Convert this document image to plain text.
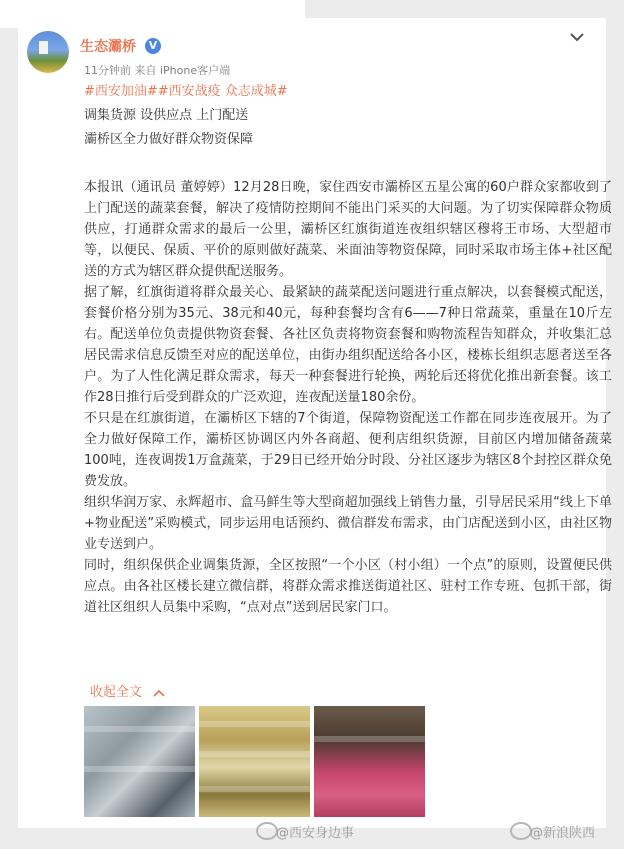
生态灞桥	V
11分钟前 来自 iPhone客户端
#西安加油##西安战疫 众志成城#
调集货源 设供应点 上门配送
灞桥区全力做好群众物资保障

本报讯（通讯员 董婷婷）12月28日晚，家住西安市灞桥区五星公寓的60户群众家都收到了上门配送的蔬菜套餐，解决了疫情防控期间不能出门采买的大问题。为了切实保障群众物质供应，打通群众需求的最后一公里，灞桥区红旗街道连夜组织辖区穆将王市场、大型超市等，以便民、保质、平价的原则做好蔬菜、米面油等物资保障，同时采取市场主体+社区配送的方式为辖区群众提供配送服务。

据了解，红旗街道将群众最关心、最紧缺的蔬菜配送问题进行重点解决，以套餐模式配送，套餐价格分别为35元、38元和40元，每种套餐均含有6——7种日常蔬菜，重量在10斤左右。配送单位负责提供物资套餐、各社区负责将物资套餐和购物流程告知群众，并收集汇总居民需求信息反馈至对应的配送单位，由街办组织配送给各小区，楼栋长组织志愿者送至各户。为了人性化满足群众需求，每天一种套餐进行轮换，两轮后还将优化推出新套餐。该工作28日推行后受到群众的广泛欢迎，连夜配送量180余份。

不只是在红旗街道，在灞桥区下辖的7个街道，保障物资配送工作都在同步连夜展开。为了全力做好保障工作，灞桥区协调区内外各商超、便利店组织货源，目前区内增加储备蔬菜100吨，连夜调拨1万盒蔬菜，于29日已经开始分时段、分社区逐步为辖区8个封控区群众免费发放。

组织华润万家、永辉超市、盒马鲜生等大型商超加强线上销售力量，引导居民采用“线上下单+物业配送”采购模式，同步运用电话预约、微信群发布需求，由门店配送到小区，由社区物业专送到户。

同时，组织保供企业调集货源，全区按照“一个小区（村小组）一个点”的原则，设置便民供应点。由各社区楼长建立微信群，将群众需求推送街道社区、驻村工作专班、包抓干部，街道社区组织人员集中采购，“点对点”送到居民家门口。

收起全文
@西安身边事	@新浪陕西
